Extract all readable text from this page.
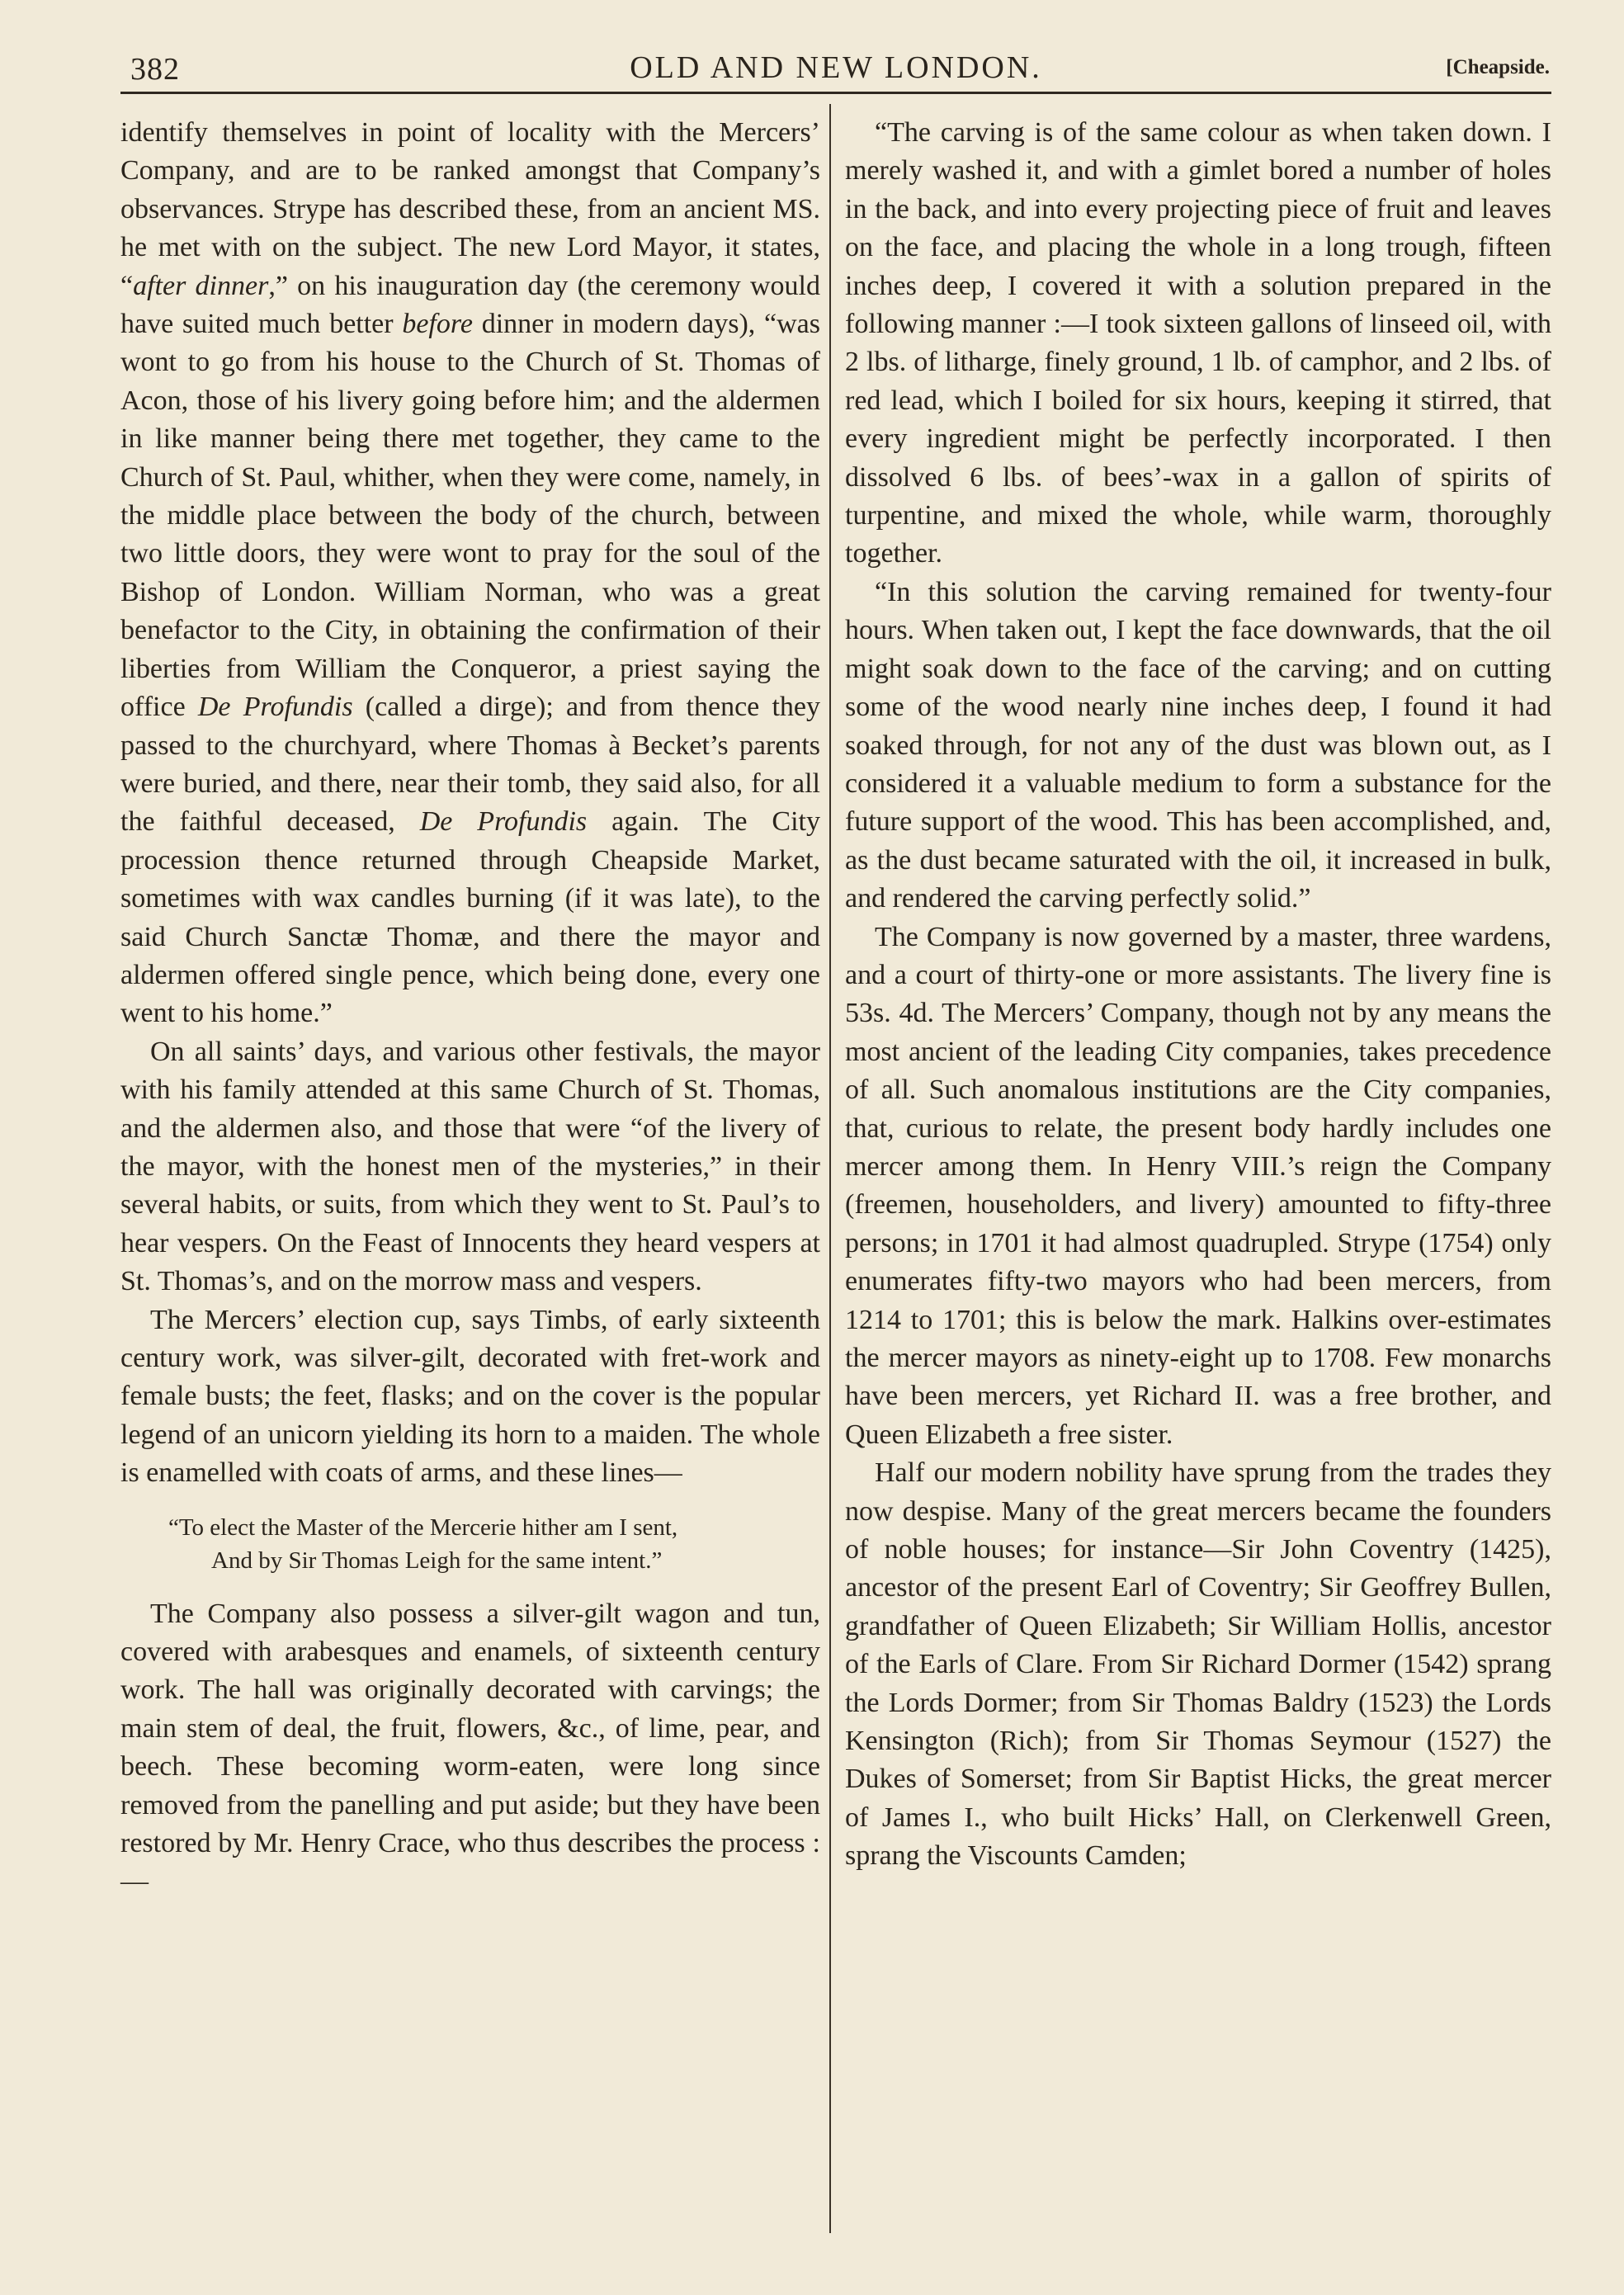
382	OLD AND NEW LONDON.	[Cheapside.

identify themselves in point of locality with the Mercers’ Company, and are to be ranked amongst that Company’s observances. Strype has described these, from an ancient MS. he met with on the subject. The new Lord Mayor, it states, “after dinner,” on his inauguration day (the ceremony would have suited much better before dinner in modern days), “was wont to go from his house to the Church of St. Thomas of Acon, those of his livery going before him; and the aldermen in like manner being there met together, they came to the Church of St. Paul, whither, when they were come, namely, in the middle place between the body of the church, between two little doors, they were wont to pray for the soul of the Bishop of London. William Norman, who was a great benefactor to the City, in obtaining the confirmation of their liberties from William the Conqueror, a priest saying the office De Profundis (called a dirge); and from thence they passed to the churchyard, where Thomas à Becket’s parents were buried, and there, near their tomb, they said also, for all the faithful deceased, De Profundis again. The City procession thence returned through Cheapside Market, sometimes with wax candles burning (if it was late), to the said Church Sanctæ Thomæ, and there the mayor and aldermen offered single pence, which being done, every one went to his home.”

On all saints’ days, and various other festivals, the mayor with his family attended at this same Church of St. Thomas, and the aldermen also, and those that were “of the livery of the mayor, with the honest men of the mysteries,” in their several habits, or suits, from which they went to St. Paul’s to hear vespers. On the Feast of Innocents they heard vespers at St. Thomas’s, and on the morrow mass and vespers.

The Mercers’ election cup, says Timbs, of early sixteenth century work, was silver-gilt, decorated with fret-work and female busts; the feet, flasks; and on the cover is the popular legend of an unicorn yielding its horn to a maiden. The whole is enamelled with coats of arms, and these lines—

“To elect the Master of the Mercerie hither am I sent,
And by Sir Thomas Leigh for the same intent.”

The Company also possess a silver-gilt wagon and tun, covered with arabesques and enamels, of sixteenth century work. The hall was originally decorated with carvings; the main stem of deal, the fruit, flowers, &c., of lime, pear, and beech. These becoming worm-eaten, were long since removed from the panelling and put aside; but they have been restored by Mr. Henry Crace, who thus describes the process :—

“The carving is of the same colour as when taken down. I merely washed it, and with a gimlet bored a number of holes in the back, and into every projecting piece of fruit and leaves on the face, and placing the whole in a long trough, fifteen inches deep, I covered it with a solution prepared in the following manner :—I took sixteen gallons of linseed oil, with 2 lbs. of litharge, finely ground, 1 lb. of camphor, and 2 lbs. of red lead, which I boiled for six hours, keeping it stirred, that every ingredient might be perfectly incorporated. I then dissolved 6 lbs. of bees’-wax in a gallon of spirits of turpentine, and mixed the whole, while warm, thoroughly together.

“In this solution the carving remained for twenty-four hours. When taken out, I kept the face downwards, that the oil might soak down to the face of the carving; and on cutting some of the wood nearly nine inches deep, I found it had soaked through, for not any of the dust was blown out, as I considered it a valuable medium to form a substance for the future support of the wood. This has been accomplished, and, as the dust became saturated with the oil, it increased in bulk, and rendered the carving perfectly solid.”

The Company is now governed by a master, three wardens, and a court of thirty-one or more assistants. The livery fine is 53s. 4d. The Mercers’ Company, though not by any means the most ancient of the leading City companies, takes precedence of all. Such anomalous institutions are the City companies, that, curious to relate, the present body hardly includes one mercer among them. In Henry VIII.’s reign the Company (freemen, householders, and livery) amounted to fifty-three persons; in 1701 it had almost quadrupled. Strype (1754) only enumerates fifty-two mayors who had been mercers, from 1214 to 1701; this is below the mark. Halkins over-estimates the mercer mayors as ninety-eight up to 1708. Few monarchs have been mercers, yet Richard II. was a free brother, and Queen Elizabeth a free sister.

Half our modern nobility have sprung from the trades they now despise. Many of the great mercers became the founders of noble houses; for instance—Sir John Coventry (1425), ancestor of the present Earl of Coventry; Sir Geoffrey Bullen, grandfather of Queen Elizabeth; Sir William Hollis, ancestor of the Earls of Clare. From Sir Richard Dormer (1542) sprang the Lords Dormer; from Sir Thomas Baldry (1523) the Lords Kensington (Rich); from Sir Thomas Seymour (1527) the Dukes of Somerset; from Sir Baptist Hicks, the great mercer of James I., who built Hicks’ Hall, on Clerkenwell Green, sprang the Viscounts Camden;
